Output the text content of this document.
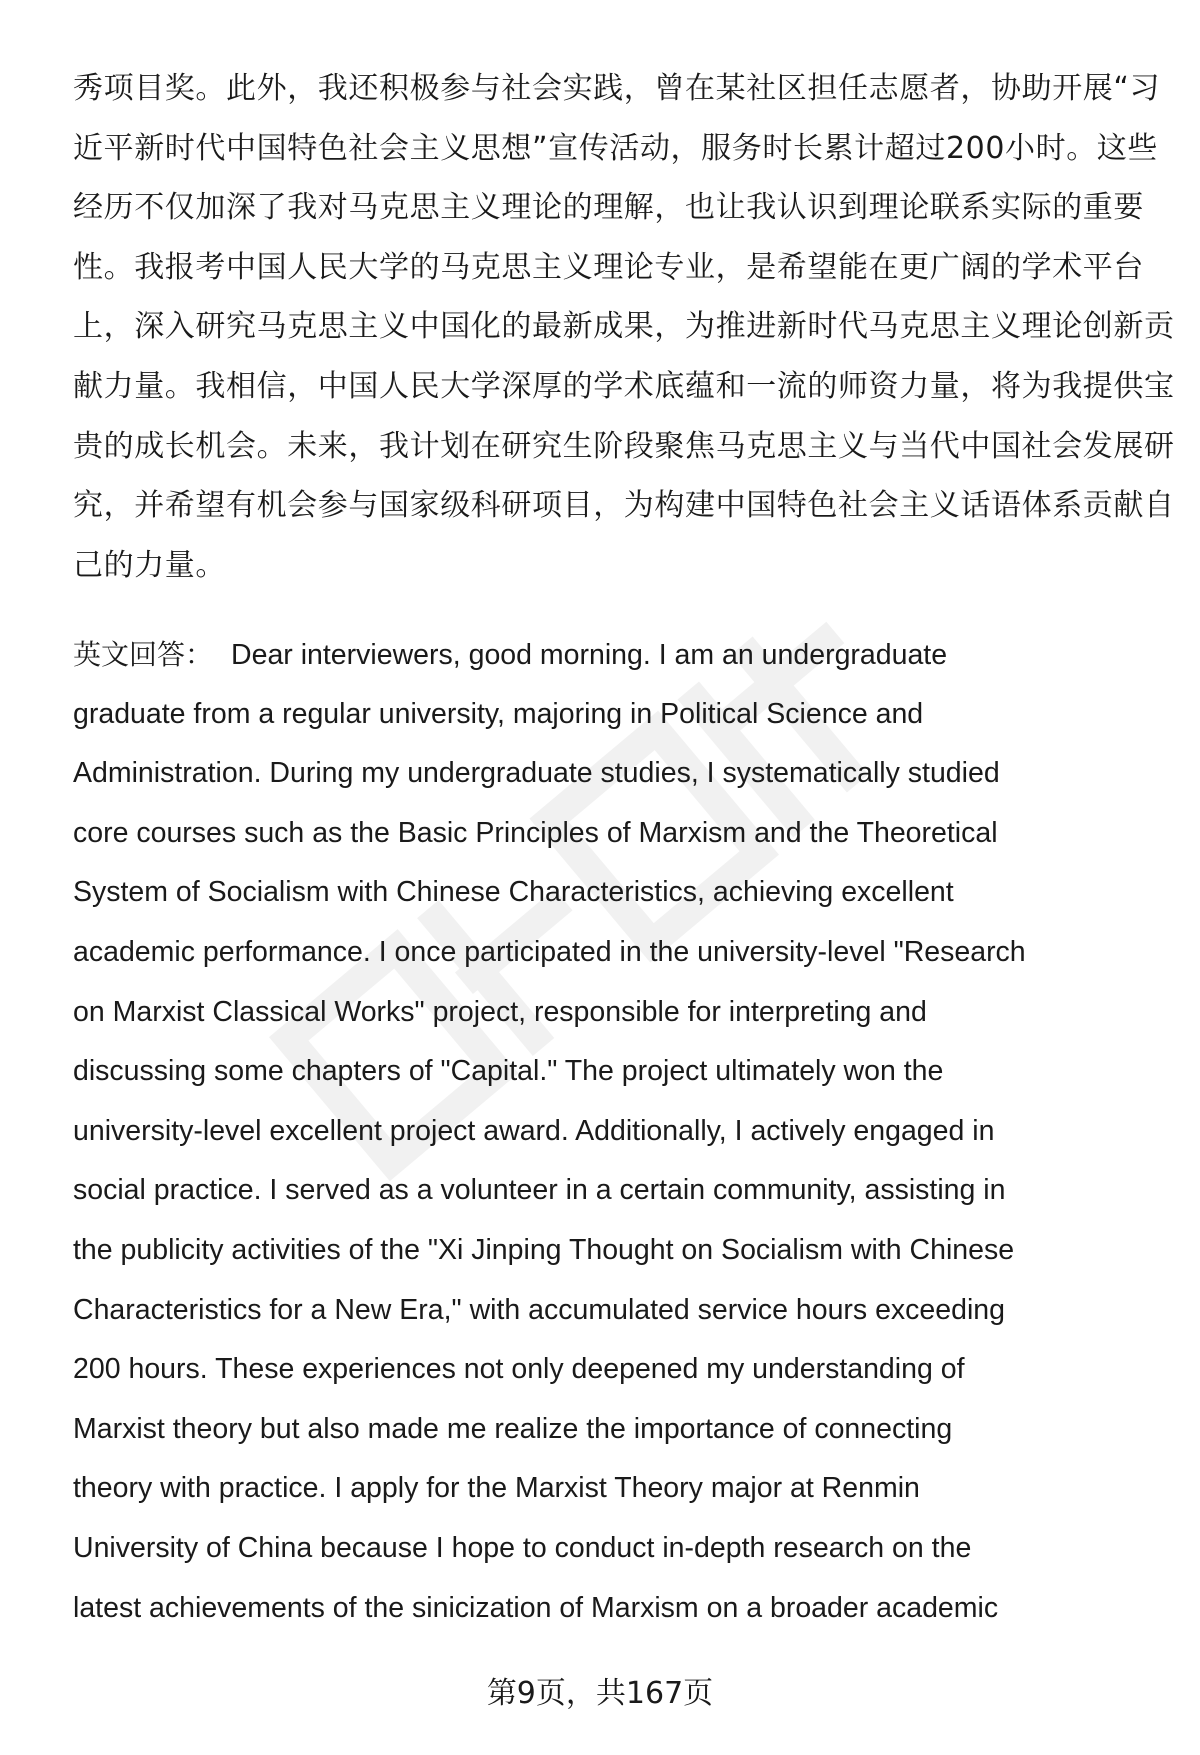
秀项目奖。此外，我还积极参与社会实践，曾在某社区担任志愿者，协助开展“习
近平新时代中国特色社会主义思想”宣传活动，服务时长累计超过200小时。这些
经历不仅加深了我对马克思主义理论的理解，也让我认识到理论联系实际的重要
性。我报考中国人民大学的马克思主义理论专业，是希望能在更广阔的学术平台
上，深入研究马克思主义中国化的最新成果，为推进新时代马克思主义理论创新贡
献力量。我相信，中国人民大学深厚的学术底蕴和一流的师资力量，将为我提供宝
贵的成长机会。未来，我计划在研究生阶段聚焦马克思主义与当代中国社会发展研
究，并希望有机会参与国家级科研项目，为构建中国特色社会主义话语体系贡献自
己的力量。
英文回答： Dear interviewers, good morning. I am an undergraduate
graduate from a regular university, majoring in Political Science and
Administration. During my undergraduate studies, I systematically studied
core courses such as the Basic Principles of Marxism and the Theoretical
System of Socialism with Chinese Characteristics, achieving excellent
academic performance. I once participated in the university-level "Research
on Marxist Classical Works" project, responsible for interpreting and
discussing some chapters of "Capital." The project ultimately won the
university-level excellent project award. Additionally, I actively engaged in
social practice. I served as a volunteer in a certain community, assisting in
the publicity activities of the "Xi Jinping Thought on Socialism with Chinese
Characteristics for a New Era," with accumulated service hours exceeding
200 hours. These experiences not only deepened my understanding of
Marxist theory but also made me realize the importance of connecting
theory with practice. I apply for the Marxist Theory major at Renmin
University of China because I hope to conduct in-depth research on the
latest achievements of the sinicization of Marxism on a broader academic
第9页，共167页
